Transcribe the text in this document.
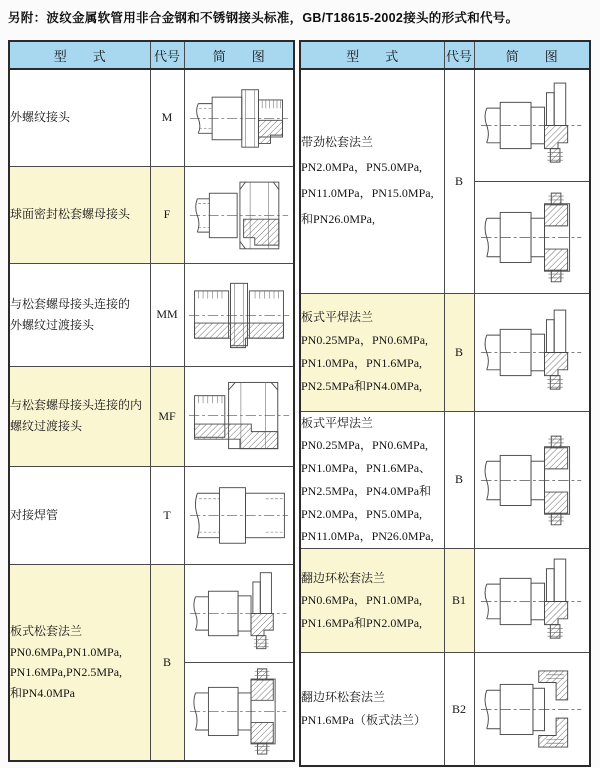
另附：波纹金属软管用非合金钢和不锈钢接头标准，GB/T18615-2002接头的形式和代号。
型　　式	代号	简　　图
外螺纹接头	M	

球面密封松套螺母接头	F	

与松套螺母接头连接的
外螺纹过渡接头	MM	

与松套螺母接头连接的内
螺纹过渡接头	MF	

对接焊管	T	

板式松套法兰
PN0.6MPa,PN1.0MPa,
PN1.6MPa,PN2.5MPa,
和PN4.0MPa	B	

型　　式	代号	简　　图
带劲松套法兰
PN2.0MPa，PN5.0MPa,
PN11.0MPa，PN15.0MPa,
和PN26.0MPa,	B	

板式平焊法兰
PN0.25MPa，PN0.6MPa,
PN1.0MPa，PN1.6MPa,
PN2.5MPa和PN4.0MPa,	B	

板式平焊法兰
PN0.25MPa，PN0.6MPa,
PN1.0MPa，PN1.6MPa、
PN2.5MPa，PN4.0MPa和
PN2.0MPa，PN5.0MPa,
PN11.0MPa，PN26.0MPa,	B	

翻边环松套法兰
PN0.6MPa，PN1.0MPa,
PN1.6MPa和PN2.0MPa,	B1	

翻边环松套法兰
PN1.6MPa（板式法兰）	B2	
